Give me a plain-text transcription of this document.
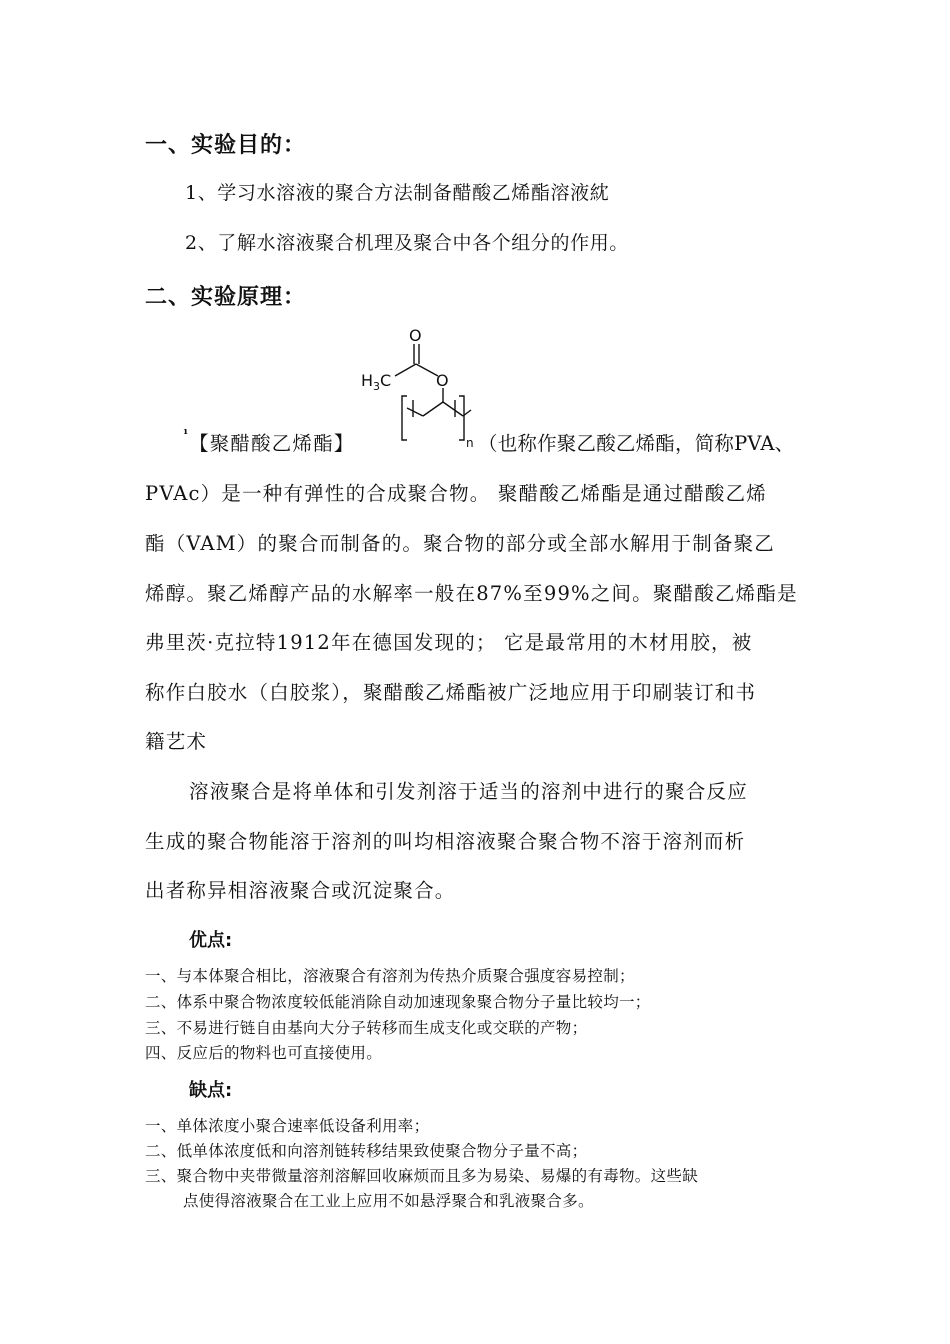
一、实验目的：
1、学习水溶液的聚合方法制备醋酸乙烯酯溶液紞
2、了解水溶液聚合机理及聚合中各个组分的作用。
二、实验原理：
O
O
H 3 C
n
¹ 【聚醋酸乙烯酯】	（也称作聚乙酸乙烯酯，简称PVA、
PVAc）是一种有弹性的合成聚合物。 聚醋酸乙烯酯是通过醋酸乙烯
酯（VAM）的聚合而制备的。聚合物的部分或全部水解用于制备聚乙
烯醇。聚乙烯醇产品的水解率一般在87%至99%之间。聚醋酸乙烯酯是
弗里茨·克拉特1912年在德国发现的； 它是最常用的木材用胶，被
称作白胶水（白胶浆），聚醋酸乙烯酯被广泛地应用于印刷装订和书
籍艺术
溶液聚合是将单体和引发剂溶于适当的溶剂中进行的聚合反应
生成的聚合物能溶于溶剂的叫均相溶液聚合聚合物不溶于溶剂而析
出者称异相溶液聚合或沉淀聚合。
优点:
一、与本体聚合相比，溶液聚合有溶剂为传热介质聚合强度容易控制；
二、体系中聚合物浓度较低能消除自动加速现象聚合物分子量比较均一；
三、不易进行链自由基向大分子转移而生成支化或交联的产物；
四、反应后的物料也可直接使用。
缺点:
一、单体浓度小聚合速率低设备利用率；
二、低单体浓度低和向溶剂链转移结果致使聚合物分子量不高；
三、聚合物中夹带微量溶剂溶解回收麻烦而且多为易染、易爆的有毒物。这些缺
点使得溶液聚合在工业上应用不如悬浮聚合和乳液聚合多。
